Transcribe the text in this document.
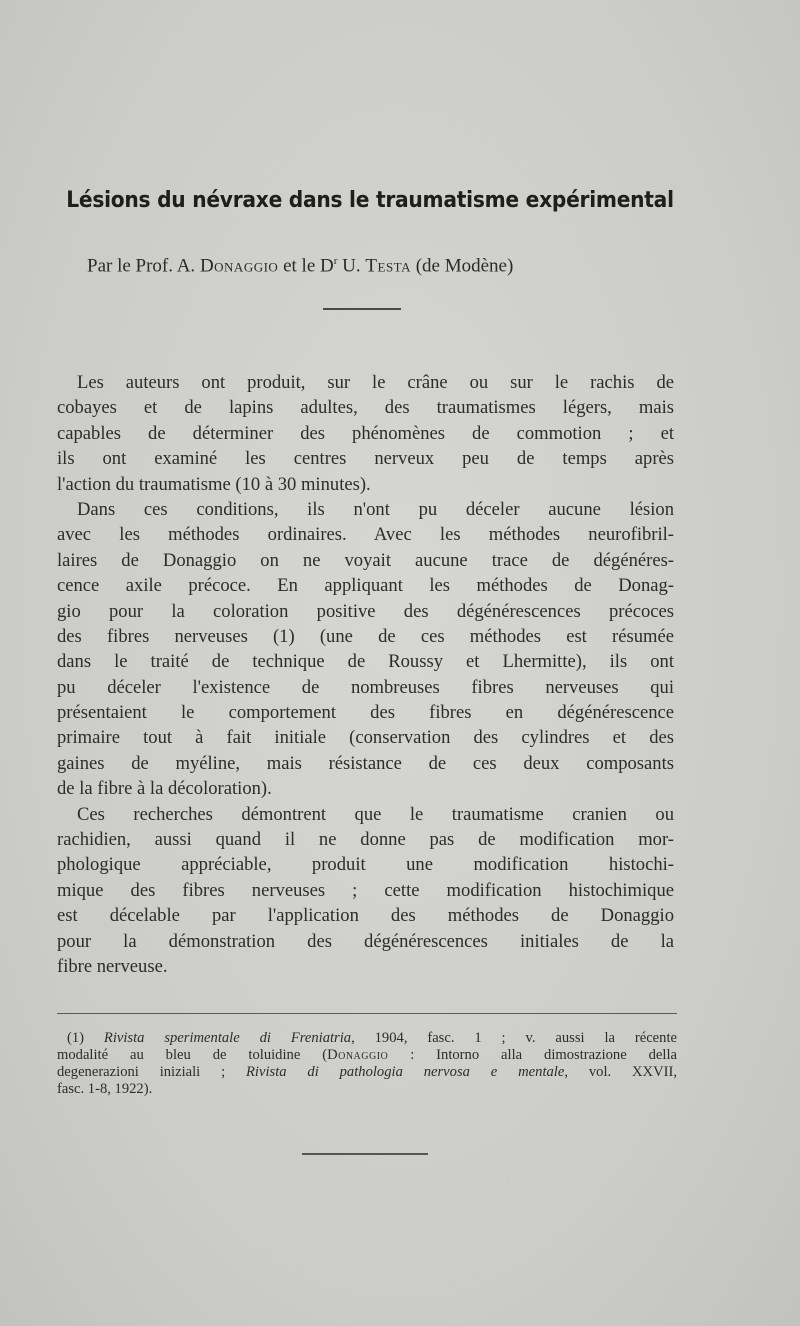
Lésions du névraxe dans le traumatisme expérimental
Par le Prof. A. Donaggio et le $D^r$ U. Testa (de Modène)
Les auteurs ont produit, sur le crâne ou sur le rachis de
cobayes et de lapins adultes, des traumatismes légers, mais
capables de déterminer des phénomènes de commotion ; et
ils ont examiné les centres nerveux peu de temps après
l'action du traumatisme (10 à 30 minutes).
Dans ces conditions, ils n'ont pu déceler aucune lésion
avec les méthodes ordinaires. Avec les méthodes neurofibril-
laires de Donaggio on ne voyait aucune trace de dégénéres-
cence axile précoce. En appliquant les méthodes de Donag-
gio pour la coloration positive des dégénérescences précoces
des fibres nerveuses (1) (une de ces méthodes est résumée
dans le traité de technique de Roussy et Lhermitte), ils ont
pu déceler l'existence de nombreuses fibres nerveuses qui
présentaient le comportement des fibres en dégénérescence
primaire tout à fait initiale (conservation des cylindres et des
gaines de myéline, mais résistance de ces deux composants
de la fibre à la décoloration).
Ces recherches démontrent que le traumatisme cranien ou
rachidien, aussi quand il ne donne pas de modification mor-
phologique appréciable, produit une modification histochi-
mique des fibres nerveuses ; cette modification histochimique
est décelable par l'application des méthodes de Donaggio
pour la démonstration des dégénérescences initiales de la
fibre nerveuse.
(1) Rivista sperimentale di Freniatria, 1904, fasc. 1 ; v. aussi la récente
modalité au bleu de toluidine (Donaggio : Intorno alla dimostrazione della
degenerazioni iniziali ; Rivista di pathologia nervosa e mentale, vol. XXVII,
fasc. 1-8, 1922).
